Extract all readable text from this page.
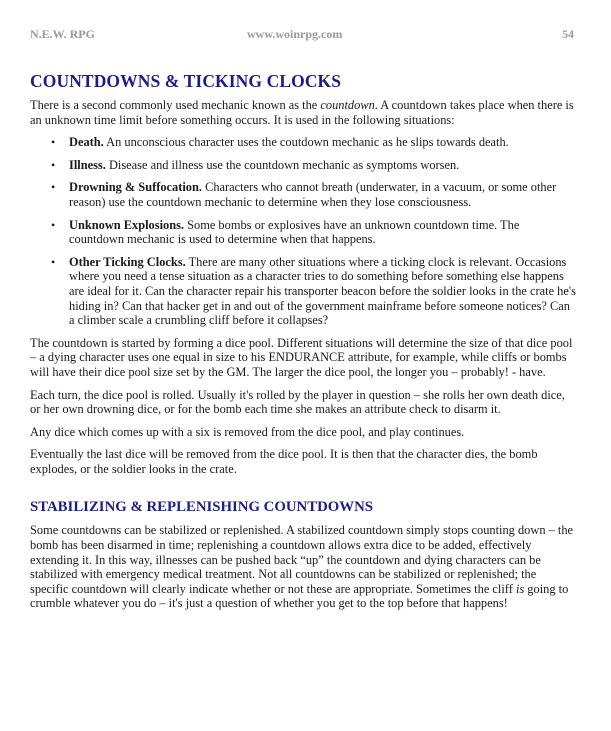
N.E.W. RPG	www.woinrpg.com	54
COUNTDOWNS & TICKING CLOCKS

There is a second commonly used mechanic known as the countdown. A countdown takes place when there is an unknown time limit before something occurs. It is used in the following situations:

• Death. An unconscious character uses the coutdown mechanic as he slips towards death.
• Illness. Disease and illness use the countdown mechanic as symptoms worsen.
• Drowning & Suffocation. Characters who cannot breath (underwater, in a vacuum, or some other reason) use the countdown mechanic to determine when they lose consciousness.
• Unknown Explosions. Some bombs or explosives have an unknown countdown time. The countdown mechanic is used to determine when that happens.
• Other Ticking Clocks. There are many other situations where a ticking clock is relevant. Occasions where you need a tense situation as a character tries to do something before something else happens are ideal for it. Can the character repair his transporter beacon before the soldier looks in the crate he's hiding in? Can that hacker get in and out of the government mainframe before someone notices? Can a climber scale a crumbling cliff before it collapses?

The countdown is started by forming a dice pool. Different situations will determine the size of that dice pool – a dying character uses one equal in size to his ENDURANCE attribute, for example, while cliffs or bombs will have their dice pool size set by the GM. The larger the dice pool, the longer you – probably! - have.

Each turn, the dice pool is rolled. Usually it's rolled by the player in question – she rolls her own death dice, or her own drowning dice, or for the bomb each time she makes an attribute check to disarm it.

Any dice which comes up with a six is removed from the dice pool, and play continues.

Eventually the last dice will be removed from the dice pool. It is then that the character dies, the bomb explodes, or the soldier looks in the crate.

STABILIZING & REPLENISHING COUNTDOWNS

Some countdowns can be stabilized or replenished. A stabilized countdown simply stops counting down – the bomb has been disarmed in time; replenishing a countdown allows extra dice to be added, effectively extending it. In this way, illnesses can be pushed back “up” the countdown and dying characters can be stabilized with emergency medical treatment. Not all countdowns can be stabilized or replenished; the specific countdown will clearly indicate whether or not these are appropriate. Sometimes the cliff is going to crumble whatever you do – it's just a question of whether you get to the top before that happens!
